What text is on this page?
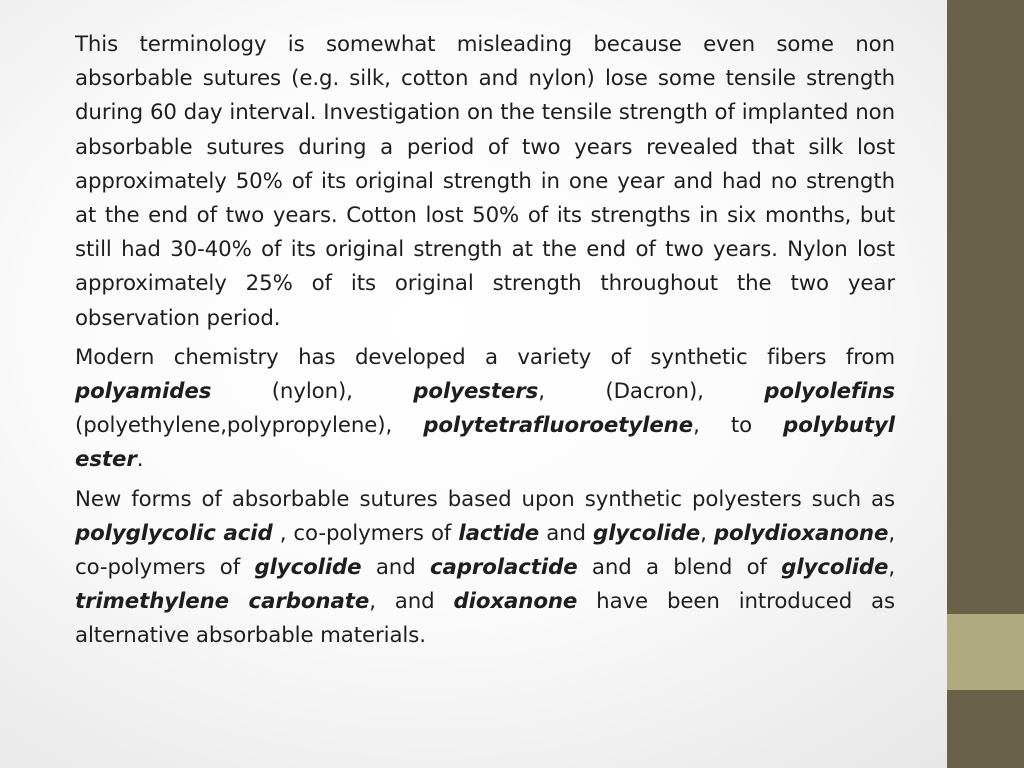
This terminology is somewhat misleading because even some non absorbable sutures (e.g. silk, cotton and nylon) lose some tensile strength during 60 day interval. Investigation on the tensile strength of implanted non absorbable sutures during a period of two years revealed that silk lost approximately 50% of its original strength in one year and had no strength at the end of two years. Cotton lost 50% of its strengths in six months, but still had 30-40% of its original strength at the end of two years. Nylon lost approximately 25% of its original strength throughout the two year observation period.

Modern chemistry has developed a variety of synthetic fibers from polyamides (nylon), polyesters, (Dacron), polyolefins (polyethylene,polypropylene), polytetrafluoroetylene, to polybutyl ester.

New forms of absorbable sutures based upon synthetic polyesters such as polyglycolic acid , co-polymers of lactide and glycolide, polydioxanone, co-polymers of glycolide and caprolactide and a blend of glycolide, trimethylene carbonate, and dioxanone have been introduced as alternative absorbable materials.
